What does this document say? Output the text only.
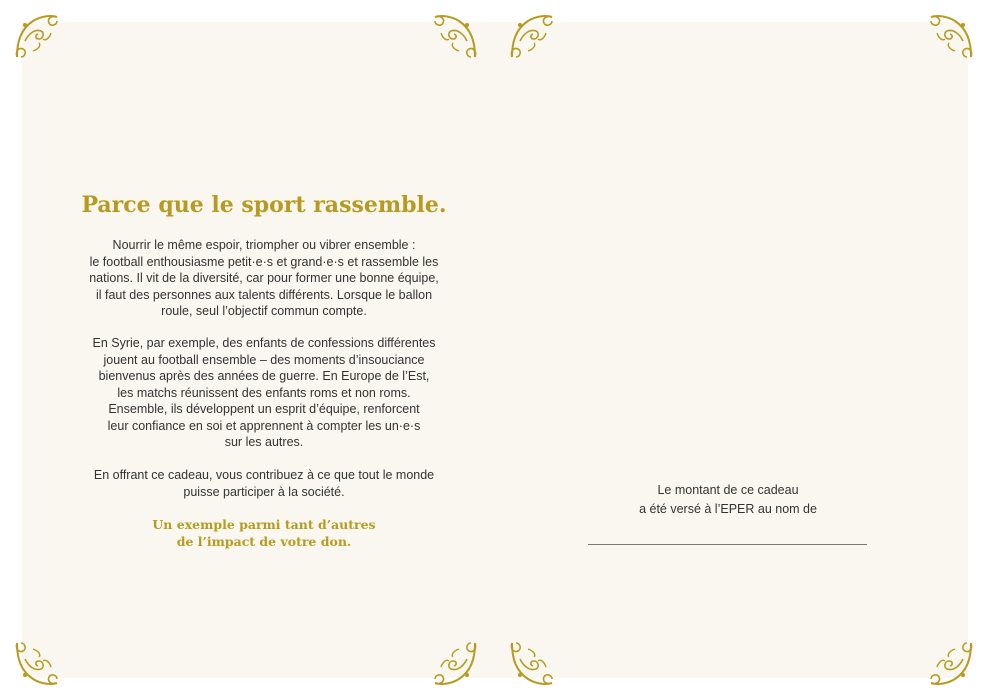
Parce que le sport rassemble.
Nourrir le même espoir, triompher ou vibrer ensemble :
le football enthousiasme petit·e·s et grand·e·s et rassemble les
nations. Il vit de la diversité, car pour former une bonne équipe,
il faut des personnes aux talents différents. Lorsque le ballon
roule, seul l’objectif commun compte.
En Syrie, par exemple, des enfants de confessions différentes
jouent au football ensemble – des moments d’insouciance
bienvenus après des années de guerre. En Europe de l’Est,
les matchs réunissent des enfants roms et non roms.
Ensemble, ils développent un esprit d’équipe, renforcent
leur confiance en soi et apprennent à compter les un·e·s
sur les autres.
En offrant ce cadeau, vous contribuez à ce que tout le monde
puisse participer à la société.
Un exemple parmi tant d’autres
de l’impact de votre don.
Le montant de ce cadeau
a été versé à l’EPER au nom de
